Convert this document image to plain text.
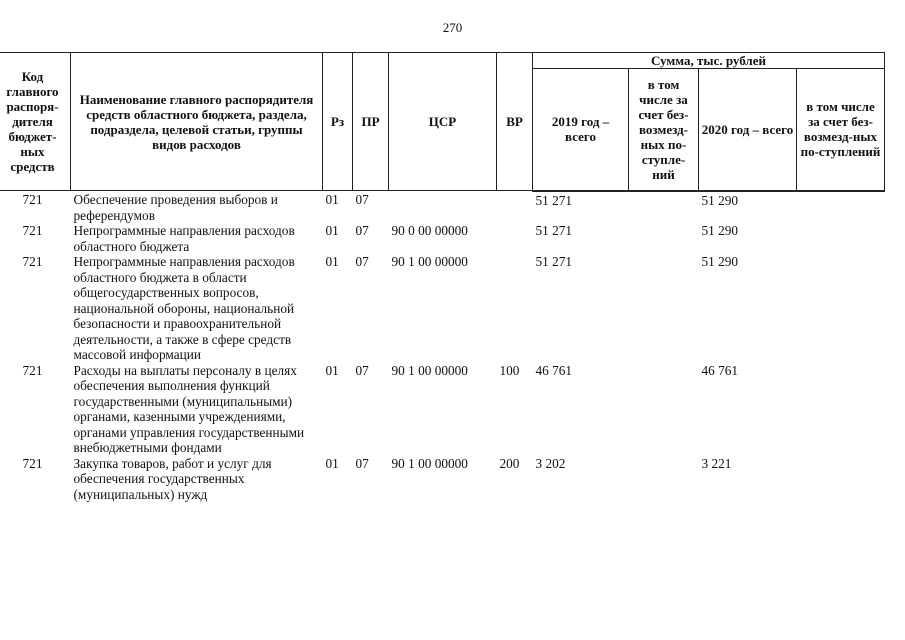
270
Код главного распоря-дителя бюджет-ных средств	Наименование главного распорядителя средств областного бюджета, раздела, подраздела, целевой статьи, группы видов расходов	Рз	ПР	ЦСР	ВР	Сумма, тыс. рублей			
						2019 год – всего	в том числе за счет без-возмезд-ных по-ступле-ний	2020 год – всего	в том числе за счет без-возмезд-ных по-ступлений
721	Обеспечение проведения выборов и референдумов	01	07			51 271		51 290	
721	Непрограммные направления расходов областного бюджета	01	07	90 0 00 00000		51 271		51 290	
721	Непрограммные направления расходов областного бюджета в области общегосударственных вопросов, национальной обороны, национальной безопасности и правоохранительной деятельности, а также в сфере средств массовой информации	01	07	90 1 00 00000		51 271		51 290	
721	Расходы на выплаты персоналу в целях обеспечения выполнения функций государственными (муниципальными) органами, казенными учреждениями, органами управления государственными внебюджетными фондами	01	07	90 1 00 00000	100	46 761		46 761	
721	Закупка товаров, работ и услуг для обеспечения государственных (муниципальных) нужд	01	07	90 1 00 00000	200	3 202		3 221	
